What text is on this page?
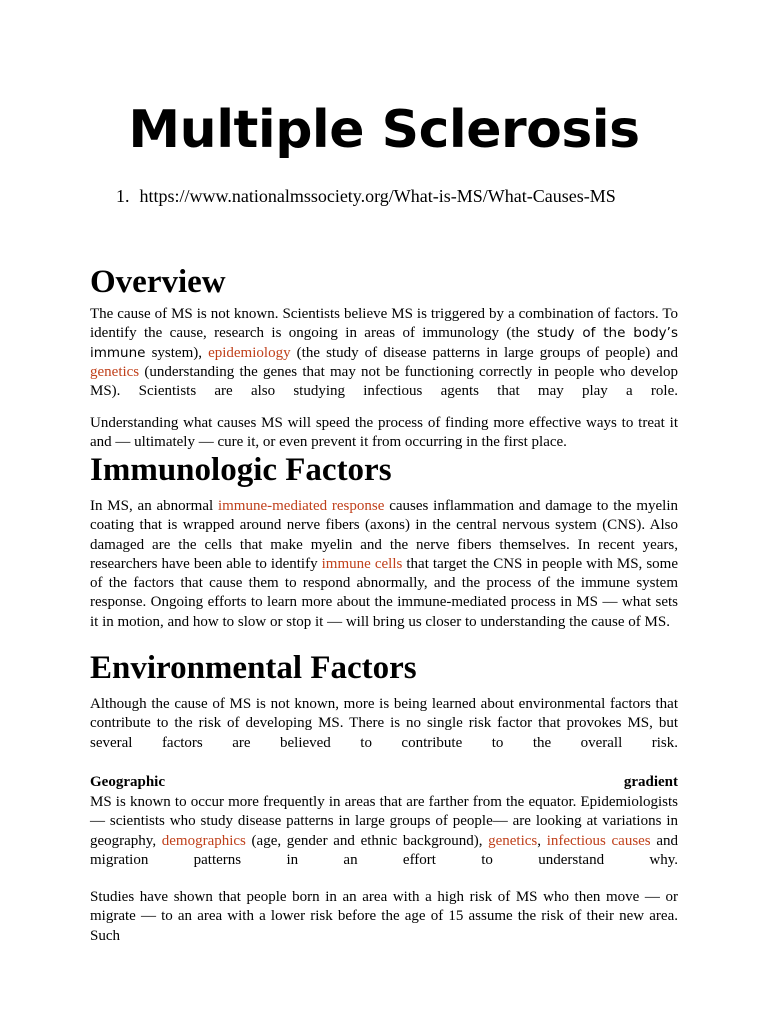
Multiple Sclerosis

1. https://www.nationalmssociety.org/What-is-MS/What-Causes-MS

Overview

The cause of MS is not known. Scientists believe MS is triggered by a combination of factors. To identify the cause, research is ongoing in areas of immunology (the study of the body’s immune system), epidemiology (the study of disease patterns in large groups of people) and genetics (understanding the genes that may not be functioning correctly in people who develop MS). Scientists are also studying infectious agents that may play a role.

Understanding what causes MS will speed the process of finding more effective ways to treat it and — ultimately — cure it, or even prevent it from occurring in the first place.

Immunologic Factors

In MS, an abnormal immune-mediated response causes inflammation and damage to the myelin coating that is wrapped around nerve fibers (axons) in the central nervous system (CNS). Also damaged are the cells that make myelin and the nerve fibers themselves. In recent years, researchers have been able to identify immune cells that target the CNS in people with MS, some of the factors that cause them to respond abnormally, and the process of the immune system response. Ongoing efforts to learn more about the immune-mediated process in MS — what sets it in motion, and how to slow or stop it — will bring us closer to understanding the cause of MS.

Environmental Factors

Although the cause of MS is not known, more is being learned about environmental factors that contribute to the risk of developing MS. There is no single risk factor that provokes MS, but several factors are believed to contribute to the overall risk.

Geographic	gradient

MS is known to occur more frequently in areas that are farther from the equator. Epidemiologists — scientists who study disease patterns in large groups of people— are looking at variations in geography, demographics (age, gender and ethnic background), genetics, infectious causes and migration patterns in an effort to understand why.

Studies have shown that people born in an area with a high risk of MS who then move — or migrate — to an area with a lower risk before the age of 15 assume the risk of their new area. Such
